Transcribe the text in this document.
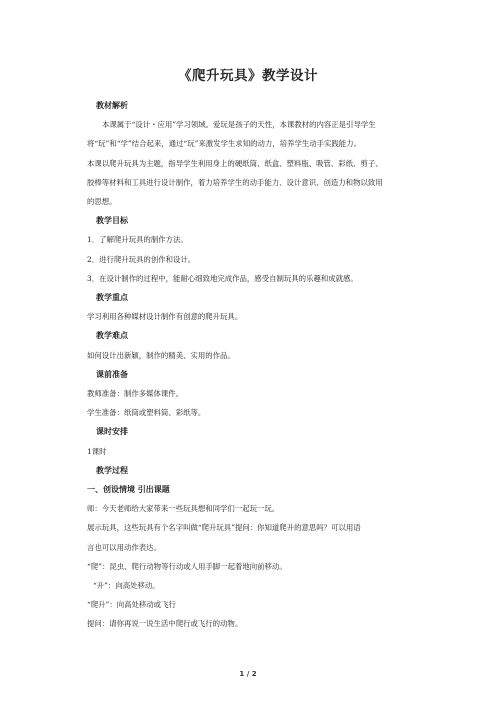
《爬升玩具》教学设计
教材解析

本课属于“设计・应用”学习领域。爱玩是孩子的天性，本课教材的内容正是引导学生

将“玩”和“学”结合起来，通过“玩”来激发学生求知的动力，培养学生动手实践能力。

本课以爬升玩具为主题，指导学生利用身上的硬纸筒、纸盒、塑料瓶、吸管、彩纸、剪子、

胶棒等材料和工具进行设计制作，着力培养学生的动手能力、设计意识、创造力和物以致用

的思想。

教学目标

1．了解爬升玩具的制作方法。

2．进行爬升玩具的创作和设计。

3．在设计制作的过程中，能耐心细致地完成作品，感受自制玩具的乐趣和成就感。

教学重点

学习利用各种媒材设计制作有创意的爬升玩具。

教学难点

如何设计出新颖，制作的精美、实用的作品。

课前准备

教师准备：制作多媒体课件。

学生准备：纸筒或塑料筒、彩纸等。

课时安排

1课时

教学过程
一、创设情境 引出课题

师：今天老师给大家带来一些玩具想和同学们一起玩一玩。

展示玩具，这些玩具有个名字叫做“爬升玩具”提问：你知道爬升的意思吗？可以用语

言也可以用动作表达。

“爬”：昆虫、爬行动物等行动或人用手脚一起着地向前移动。

“升”：向高处移动。

“爬升”：向高处移动或飞行

提问：请你再说一说生活中爬行或飞行的动物。

1 / 2
